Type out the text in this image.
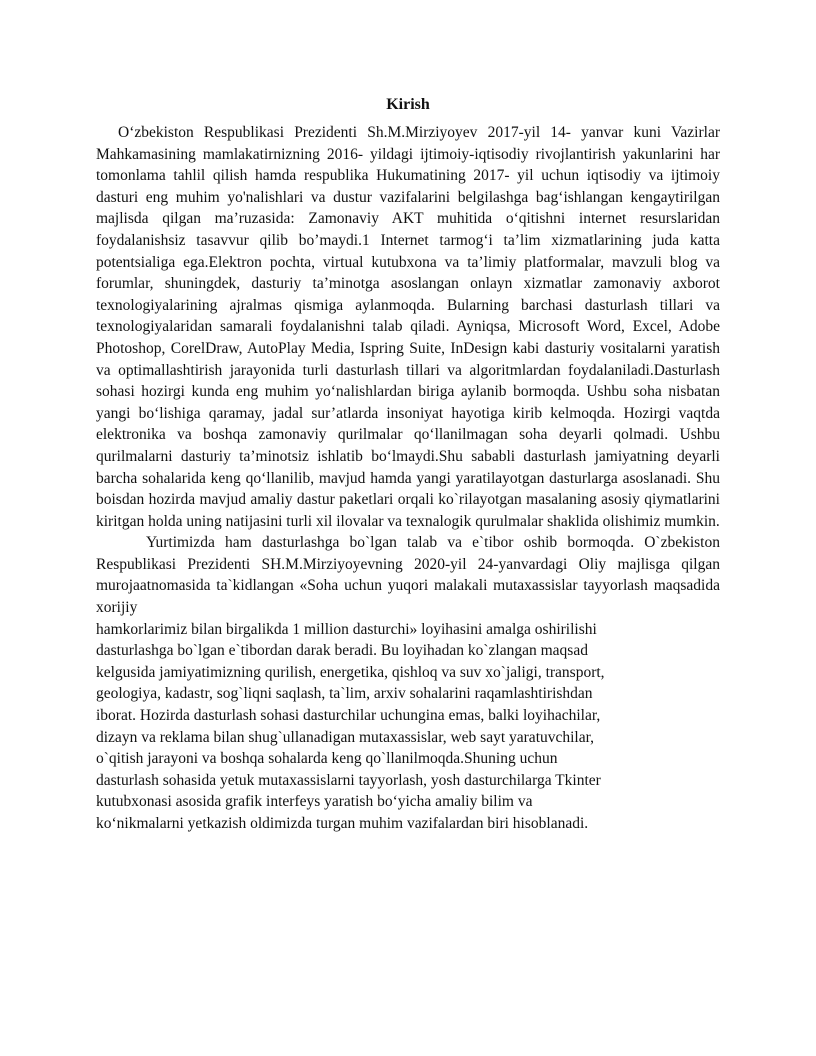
Kirish

O‘zbekiston Respublikasi Prezidenti Sh.M.Mirziyoyev 2017-yil 14- yanvar kuni Vazirlar Mahkamasining mamlakatirnizning 2016- yildagi ijtimoiy-iqtisodiy rivojlantirish yakunlarini har tomonlama tahlil qilish hamda respublika Hukumatining 2017- yil uchun iqtisodiy va ijtimoiy dasturi eng muhim yo'nalishlari va dustur vazifalarini belgilashga bag‘ishlangan kengaytirilgan majlisda qilgan ma’ruzasida: Zamonaviy AKT muhitida o‘qitishni internet resurslaridan foydalanishsiz tasavvur qilib bo’maydi.1 Internet tarmog‘i ta’lim xizmatlarining juda katta potentsialiga ega.Elektron pochta, virtual kutubxona va ta’limiy platformalar, mavzuli blog va forumlar, shuningdek, dasturiy ta’minotga asoslangan onlayn xizmatlar zamonaviy axborot texnologiyalarining ajralmas qismiga aylanmoqda. Bularning barchasi dasturlash tillari va texnologiyalaridan samarali foydalanishni talab qiladi. Ayniqsa, Microsoft Word, Excel, Adobe Photoshop, CorelDraw, AutoPlay Media, Ispring Suite, InDesign kabi dasturiy vositalarni yaratish va optimallashtirish jarayonida turli dasturlash tillari va algoritmlardan foydalaniladi.Dasturlash sohasi hozirgi kunda eng muhim yo‘nalishlardan biriga aylanib bormoqda. Ushbu soha nisbatan yangi bo‘lishiga qaramay, jadal sur’atlarda insoniyat hayotiga kirib kelmoqda. Hozirgi vaqtda elektronika va boshqa zamonaviy qurilmalar qo‘llanilmagan soha deyarli qolmadi. Ushbu qurilmalarni dasturiy ta’minotsiz ishlatib bo‘lmaydi.Shu sababli dasturlash jamiyatning deyarli barcha sohalarida keng qo‘llanilib, mavjud hamda yangi yaratilayotgan dasturlarga asoslanadi. Shu boisdan hozirda mavjud amaliy dastur paketlari orqali ko`rilayotgan masalaning asosiy qiymatlarini kiritgan holda uning natijasini turli xil ilovalar va texnalogik qurulmalar shaklida olishimiz mumkin.

Yurtimizda ham dasturlashga bo`lgan talab va e`tibor oshib bormoqda. O`zbekiston Respublikasi Prezidenti SH.M.Mirziyoyevning 2020-yil 24-yanvardagi Oliy majlisga qilgan murojaatnomasida ta`kidlangan «Soha uchun yuqori malakali mutaxassislar tayyorlash maqsadida xorijiy

hamkorlarimiz bilan birgalikda 1 million dasturchi» loyihasini amalga oshirilishi
dasturlashga bo`lgan e`tibordan darak beradi. Bu loyihadan ko`zlangan maqsad
kelgusida jamiyatimizning qurilish, energetika, qishloq va suv xo`jaligi, transport,
geologiya, kadastr, sog`liqni saqlash, ta`lim, arxiv sohalarini raqamlashtirishdan
iborat. Hozirda dasturlash sohasi dasturchilar uchungina emas, balki loyihachilar,
dizayn va reklama bilan shug`ullanadigan mutaxassislar, web sayt yaratuvchilar,
o`qitish jarayoni va boshqa sohalarda keng qo`llanilmoqda.Shuning uchun
dasturlash sohasida yetuk mutaxassislarni tayyorlash, yosh dasturchilarga Tkinter
kutubxonasi asosida grafik interfeys yaratish bo‘yicha amaliy bilim va
ko‘nikmalarni yetkazish oldimizda turgan muhim vazifalardan biri hisoblanadi.
